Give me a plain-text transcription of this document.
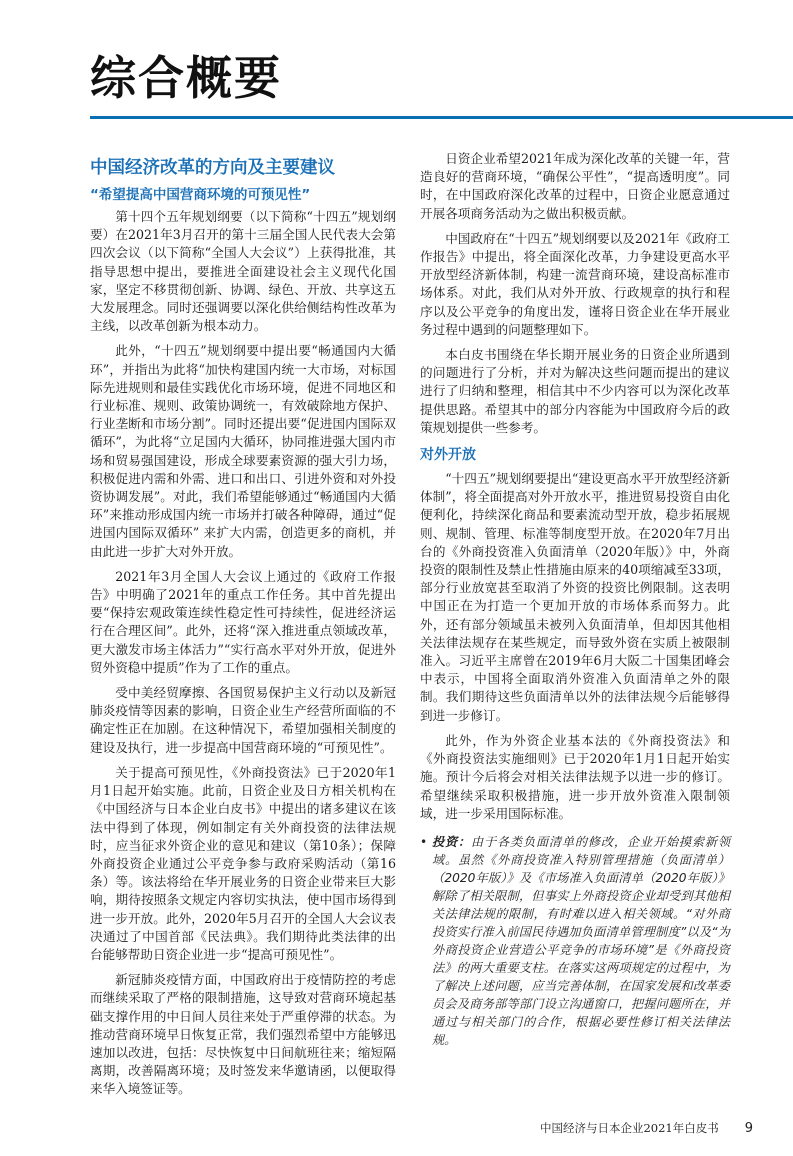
综合概要
中国经济改革的方向及主要建议
“希望提高中国营商环境的可预见性”

第十四个五年规划纲要（以下简称“十四五”规划纲要）在2021年3月召开的第十三届全国人民代表大会第四次会议（以下简称“全国人大会议”）上获得批准，其指导思想中提出，要推进全面建设社会主义现代化国家，坚定不移贯彻创新、协调、绿色、开放、共享这五大发展理念。同时还强调要以深化供给侧结构性改革为主线，以改革创新为根本动力。

此外，“十四五”规划纲要中提出要“畅通国内大循环”，并指出为此将“加快构建国内统一大市场，对标国际先进规则和最佳实践优化市场环境，促进不同地区和行业标准、规则、政策协调统一，有效破除地方保护、行业垄断和市场分割”。同时还提出要“促进国内国际双循环”，为此将“立足国内大循环，协同推进强大国内市场和贸易强国建设，形成全球要素资源的强大引力场，积极促进内需和外需、进口和出口、引进外资和对外投资协调发展”。对此，我们希望能够通过“畅通国内大循环”来推动形成国内统一市场并打破各种障碍，通过“促进国内国际双循环” 来扩大内需，创造更多的商机，并由此进一步扩大对外开放。

2021年3月全国人大会议上通过的《政府工作报告》中明确了2021年的重点工作任务。其中首先提出要“保持宏观政策连续性稳定性可持续性，促进经济运行在合理区间”。此外，还将“深入推进重点领域改革，更大激发市场主体活力”“实行高水平对外开放，促进外贸外资稳中提质”作为了工作的重点。

受中美经贸摩擦、各国贸易保护主义行动以及新冠肺炎疫情等因素的影响，日资企业生产经营所面临的不确定性正在加剧。在这种情况下，希望加强相关制度的建设及执行，进一步提高中国营商环境的“可预见性”。

关于提高可预见性，《外商投资法》已于2020年1月1日起开始实施。此前，日资企业及日方相关机构在《中国经济与日本企业白皮书》中提出的诸多建议在该法中得到了体现，例如制定有关外商投资的法律法规时，应当征求外资企业的意见和建议（第10条）；保障外商投资企业通过公平竞争参与政府采购活动（第16条）等。该法将给在华开展业务的日资企业带来巨大影响，期待按照条文规定内容切实执法，使中国市场得到进一步开放。此外，2020年5月召开的全国人大会议表决通过了中国首部《民法典》。我们期待此类法律的出台能够帮助日资企业进一步“提高可预见性”。

新冠肺炎疫情方面，中国政府出于疫情防控的考虑而继续采取了严格的限制措施，这导致对营商环境起基础支撑作用的中日间人员往来处于严重停滞的状态。为推动营商环境早日恢复正常，我们强烈希望中方能够迅速加以改进，包括：尽快恢复中日间航班往来；缩短隔离期，改善隔离环境；及时签发来华邀请函，以便取得来华入境签证等。

日资企业希望2021年成为深化改革的关键一年，营造良好的营商环境，“确保公平性”，“提高透明度”。同时，在中国政府深化改革的过程中，日资企业愿意通过开展各项商务活动为之做出积极贡献。

中国政府在“十四五”规划纲要以及2021年《政府工作报告》中提出，将全面深化改革，力争建设更高水平开放型经济新体制，构建一流营商环境，建设高标准市场体系。对此，我们从对外开放、行政规章的执行和程序以及公平竞争的角度出发，谨将日资企业在华开展业务过程中遇到的问题整理如下。

本白皮书围绕在华长期开展业务的日资企业所遇到的问题进行了分析，并对为解决这些问题而提出的建议进行了归纳和整理，相信其中不少内容可以为深化改革提供思路。希望其中的部分内容能为中国政府今后的政策规划提供一些参考。

对外开放

“十四五”规划纲要提出“建设更高水平开放型经济新体制”，将全面提高对外开放水平，推进贸易投资自由化便利化，持续深化商品和要素流动型开放，稳步拓展规则、规制、管理、标准等制度型开放。在2020年7月出台的《外商投资准入负面清单（2020年版）》中，外商投资的限制性及禁止性措施由原来的40项缩减至33项，部分行业放宽甚至取消了外资的投资比例限制。这表明中国正在为打造一个更加开放的市场体系而努力。此外，还有部分领域虽未被列入负面清单，但却因其他相关法律法规存在某些规定，而导致外资在实质上被限制准入。习近平主席曾在2019年6月大阪二十国集团峰会中表示，中国将全面取消外资准入负面清单之外的限制。我们期待这些负面清单以外的法律法规今后能够得到进一步修订。

此外，作为外资企业基本法的《外商投资法》和《外商投资法实施细则》已于2020年1月1日起开始实施。预计今后将会对相关法律法规予以进一步的修订。希望继续采取积极措施，进一步开放外资准入限制领域，进一步采用国际标准。

• 投资：由于各类负面清单的修改，企业开始摸索新领域。虽然《外商投资准入特别管理措施（负面清单）（2020年版）》及《市场准入负面清单（2020年版）》解除了相关限制，但事实上外商投资企业却受到其他相关法律法规的限制，有时难以进入相关领域。“对外商投资实行准入前国民待遇加负面清单管理制度”以及“为外商投资企业营造公平竞争的市场环境”是《外商投资法》的两大重要支柱。在落实这两项规定的过程中，为了解决上述问题，应当完善体制，在国家发展和改革委员会及商务部等部门设立沟通窗口，把握问题所在，并通过与相关部门的合作，根据必要性修订相关法律法规。
中国经济与日本企业2021年白皮书 9
